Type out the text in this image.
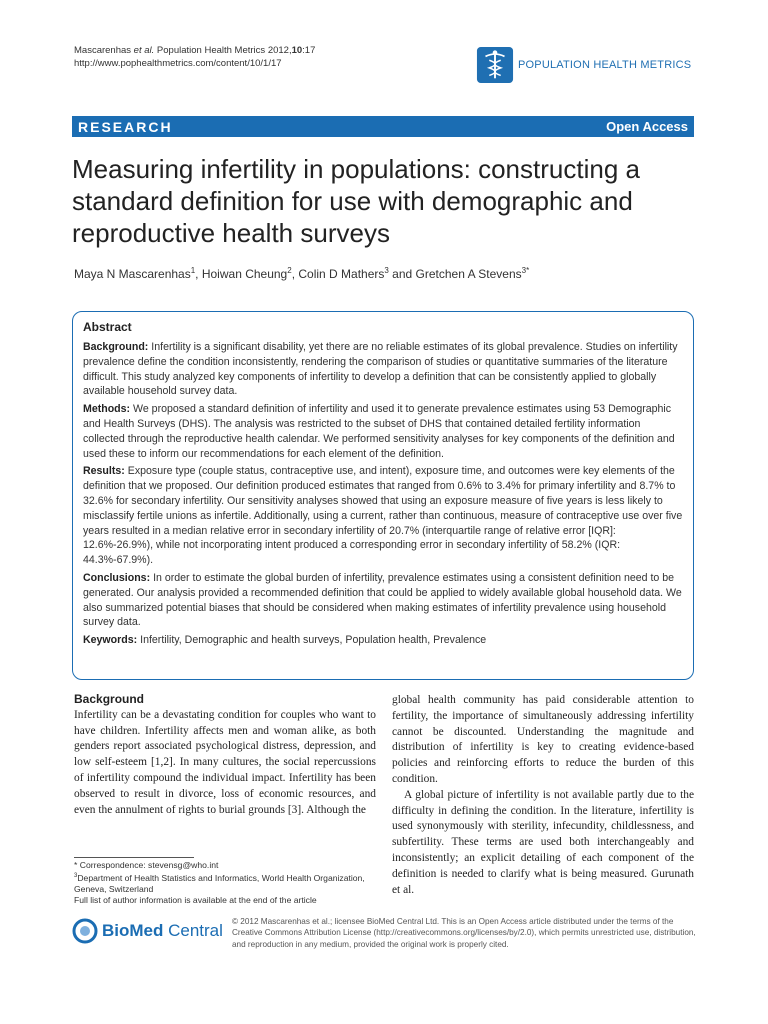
Mascarenhas et al. Population Health Metrics 2012,10:17
http://www.pophealthmetrics.com/content/10/1/17	POPULATION HEALTH METRICS
RESEARCH	Open Access
Measuring infertility in populations: constructing a standard definition for use with demographic and reproductive health surveys
Maya N Mascarenhas$^1$, Hoiwan Cheung$^2$, Colin D Mathers$^3$ and Gretchen A Stevens$^{3*}$
Abstract
Background: Infertility is a significant disability, yet there are no reliable estimates of its global prevalence. Studies on infertility prevalence define the condition inconsistently, rendering the comparison of studies or quantitative summaries of the literature difficult. This study analyzed key components of infertility to develop a definition that can be consistently applied to globally available household survey data.
Methods: We proposed a standard definition of infertility and used it to generate prevalence estimates using 53 Demographic and Health Surveys (DHS). The analysis was restricted to the subset of DHS that contained detailed fertility information collected through the reproductive health calendar. We performed sensitivity analyses for key components of the definition and used these to inform our recommendations for each element of the definition.
Results: Exposure type (couple status, contraceptive use, and intent), exposure time, and outcomes were key elements of the definition that we proposed. Our definition produced estimates that ranged from 0.6% to 3.4% for primary infertility and 8.7% to 32.6% for secondary infertility. Our sensitivity analyses showed that using an exposure measure of five years is less likely to misclassify fertile unions as infertile. Additionally, using a current, rather than continuous, measure of contraceptive use over five years resulted in a median relative error in secondary infertility of 20.7% (interquartile range of relative error [IQR]: 12.6%-26.9%), while not incorporating intent produced a corresponding error in secondary infertility of 58.2% (IQR: 44.3%-67.9%).
Conclusions: In order to estimate the global burden of infertility, prevalence estimates using a consistent definition need to be generated. Our analysis provided a recommended definition that could be applied to widely available global household data. We also summarized potential biases that should be considered when making estimates of infertility prevalence using household survey data.
Keywords: Infertility, Demographic and health surveys, Population health, Prevalence
Background
Infertility can be a devastating condition for couples who want to have children. Infertility affects men and woman alike, as both genders report associated psychological distress, depression, and low self-esteem [1,2]. In many cultures, the social repercussions of infertility compound the individual impact. Infertility has been observed to result in divorce, loss of economic resources, and even the annulment of rights to burial grounds [3]. Although the
global health community has paid considerable attention to fertility, the importance of simultaneously addressing infertility cannot be discounted. Understanding the magnitude and distribution of infertility is key to creating evidence-based policies and reinforcing efforts to reduce the burden of this condition.
A global picture of infertility is not available partly due to the difficulty in defining the condition. In the literature, infertility is used synonymously with sterility, infecundity, childlessness, and subfertility. These terms are used both interchangeably and inconsistently; an explicit detailing of each component of the definition is needed to clarify what is being measured. Gurunath et al.
* Correspondence: stevensg@who.int
$^3$Department of Health Statistics and Informatics, World Health Organization, Geneva, Switzerland
Full list of author information is available at the end of the article
BioMed Central © 2012 Mascarenhas et al.; licensee BioMed Central Ltd. This is an Open Access article distributed under the terms of the Creative Commons Attribution License (http://creativecommons.org/licenses/by/2.0), which permits unrestricted use, distribution, and reproduction in any medium, provided the original work is properly cited.
